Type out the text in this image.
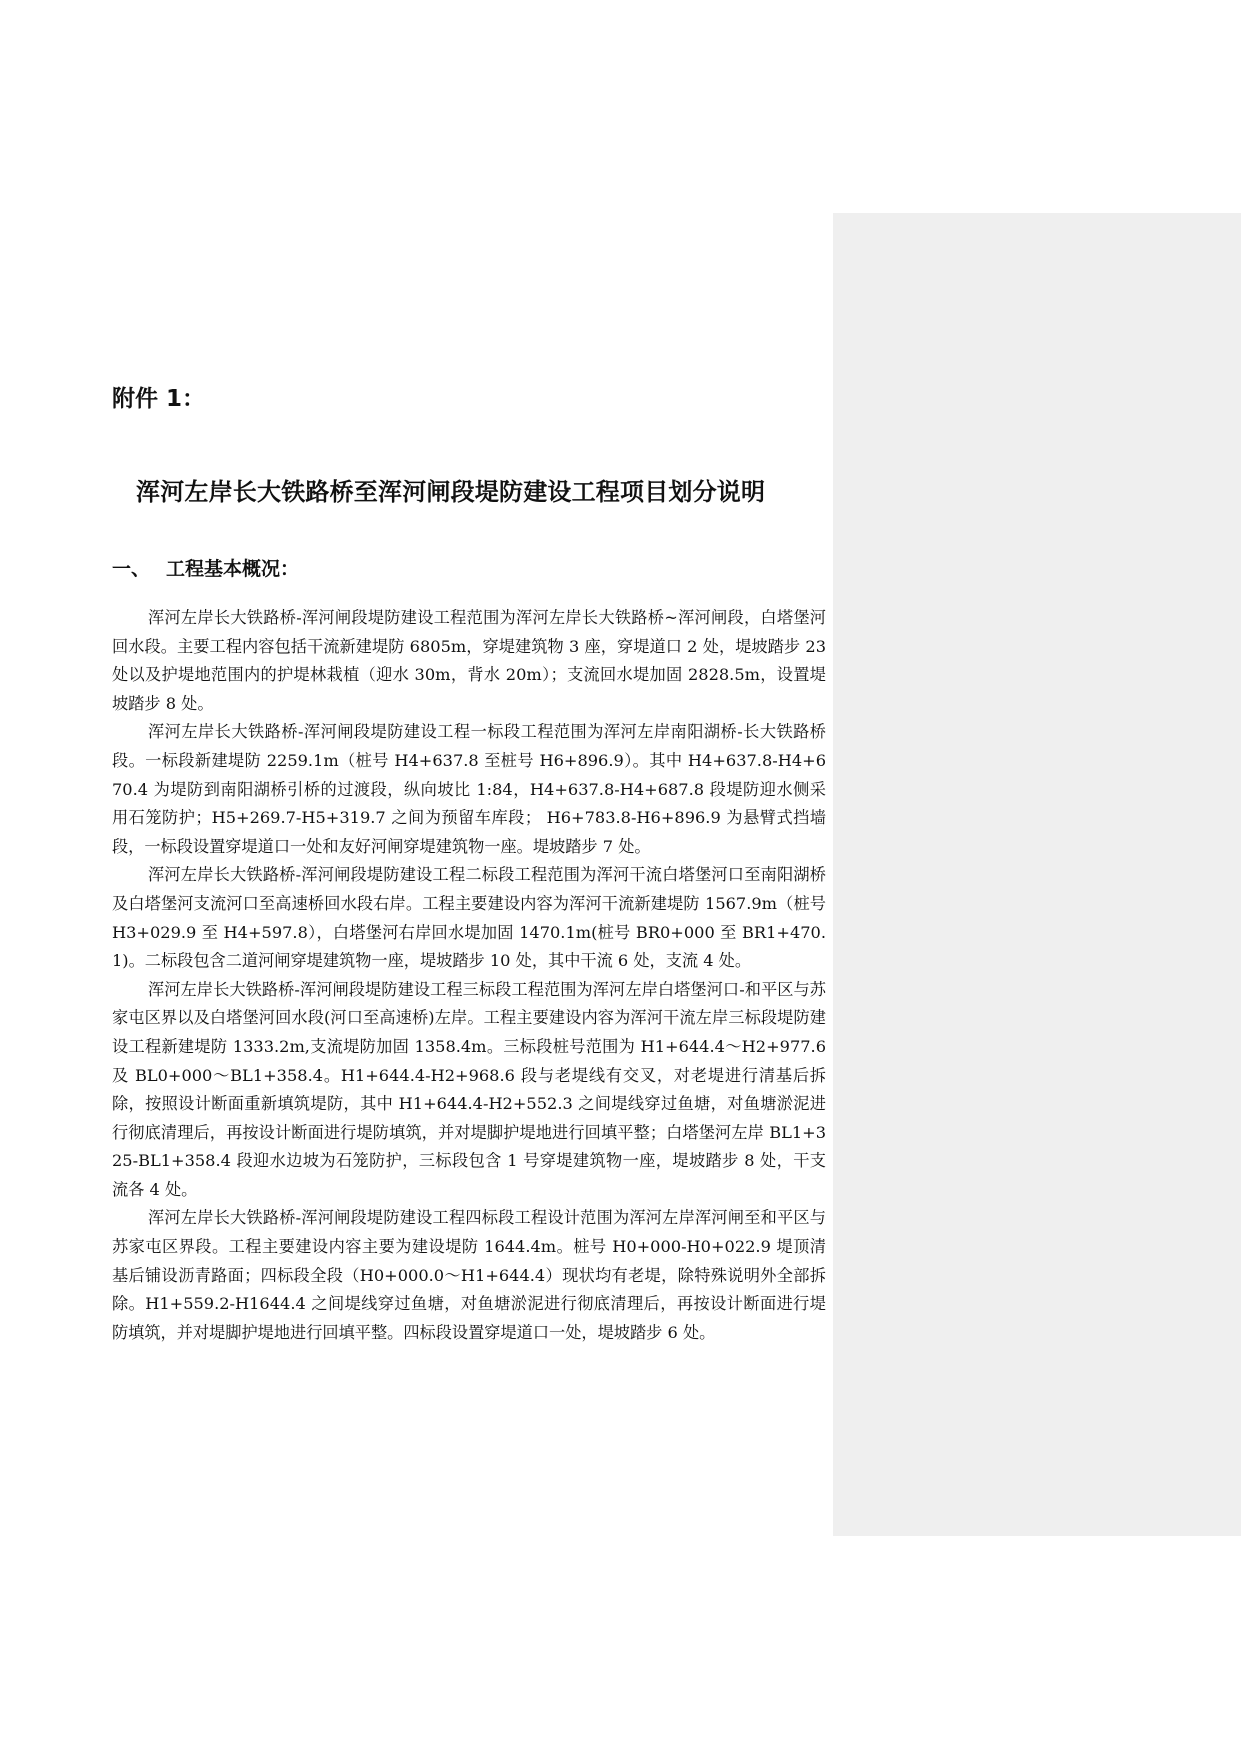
附件 1：
浑河左岸长大铁路桥至浑河闸段堤防建设工程项目划分说明
一、 工程基本概况：

浑河左岸长大铁路桥-浑河闸段堤防建设工程范围为浑河左岸长大铁路桥~浑河闸段，白塔堡河回水段。主要工程内容包括干流新建堤防 6805m，穿堤建筑物 3 座，穿堤道口 2 处，堤坡踏步 23 处以及护堤地范围内的护堤林栽植（迎水 30m，背水 20m）；支流回水堤加固 2828.5m，设置堤坡踏步 8 处。

浑河左岸长大铁路桥-浑河闸段堤防建设工程一标段工程范围为浑河左岸南阳湖桥-长大铁路桥段。一标段新建堤防 2259.1m（桩号 H4+637.8 至桩号 H6+896.9）。其中 H4+637.8-H4+670.4 为堤防到南阳湖桥引桥的过渡段，纵向坡比 1:84，H4+637.8-H4+687.8 段堤防迎水侧采用石笼防护；H5+269.7-H5+319.7 之间为预留车库段； H6+783.8-H6+896.9 为悬臂式挡墙段，一标段设置穿堤道口一处和友好河闸穿堤建筑物一座。堤坡踏步 7 处。

浑河左岸长大铁路桥-浑河闸段堤防建设工程二标段工程范围为浑河干流白塔堡河口至南阳湖桥及白塔堡河支流河口至高速桥回水段右岸。工程主要建设内容为浑河干流新建堤防 1567.9m（桩号 H3+029.9 至 H4+597.8），白塔堡河右岸回水堤加固 1470.1m(桩号 BR0+000 至 BR1+470.1)。二标段包含二道河闸穿堤建筑物一座，堤坡踏步 10 处，其中干流 6 处，支流 4 处。

浑河左岸长大铁路桥-浑河闸段堤防建设工程三标段工程范围为浑河左岸白塔堡河口-和平区与苏家屯区界以及白塔堡河回水段(河口至高速桥)左岸。工程主要建设内容为浑河干流左岸三标段堤防建设工程新建堤防 1333.2m,支流堤防加固 1358.4m。三标段桩号范围为 H1+644.4～H2+977.6 及 BL0+000～BL1+358.4。H1+644.4-H2+968.6 段与老堤线有交叉，对老堤进行清基后拆除，按照设计断面重新填筑堤防，其中 H1+644.4-H2+552.3 之间堤线穿过鱼塘，对鱼塘淤泥进行彻底清理后，再按设计断面进行堤防填筑，并对堤脚护堤地进行回填平整；白塔堡河左岸 BL1+325-BL1+358.4 段迎水边坡为石笼防护，三标段包含 1 号穿堤建筑物一座，堤坡踏步 8 处，干支流各 4 处。

浑河左岸长大铁路桥-浑河闸段堤防建设工程四标段工程设计范围为浑河左岸浑河闸至和平区与苏家屯区界段。工程主要建设内容主要为建设堤防 1644.4m。桩号 H0+000-H0+022.9 堤顶清基后铺设沥青路面；四标段全段（H0+000.0～H1+644.4）现状均有老堤，除特殊说明外全部拆除。H1+559.2-H1644.4 之间堤线穿过鱼塘，对鱼塘淤泥进行彻底清理后，再按设计断面进行堤防填筑，并对堤脚护堤地进行回填平整。四标段设置穿堤道口一处，堤坡踏步 6 处。
